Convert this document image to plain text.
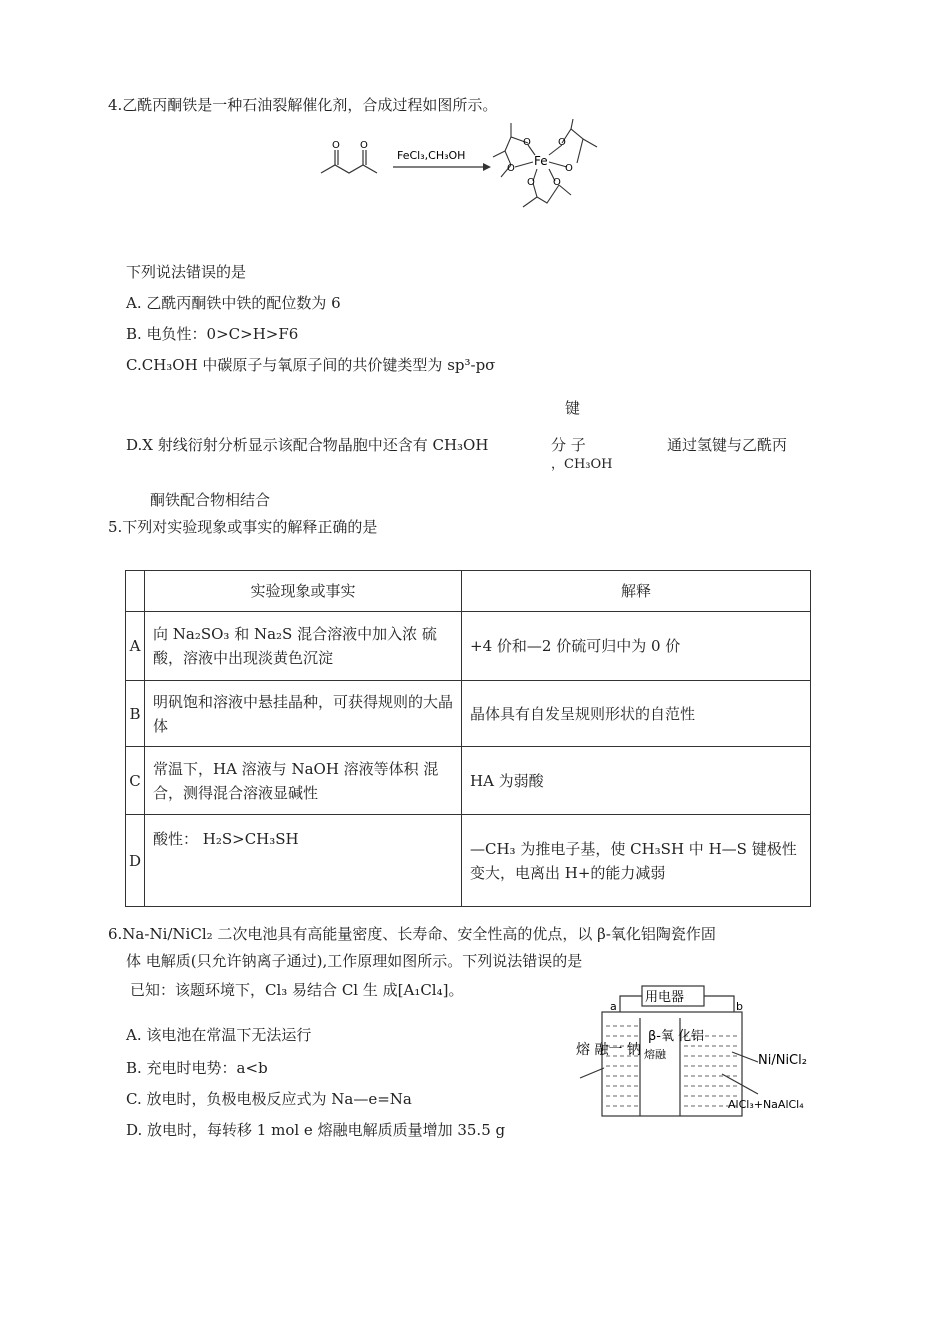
4.乙酰丙酮铁是一种石油裂解催化剂，合成过程如图所示。
O O
FeCl₃,CH₃OH	Fe
O	O
O	O
O O
下列说法错误的是
A. 乙酰丙酮铁中铁的配位数为 6
B. 电负性：0>C>H>F6
C.CH₃OH 中碳原子与氧原子间的共价键类型为 sp³-pσ
键
D.X 射线衍射分析显示该配合物晶胞中还含有 CH₃OH	分 子
，CH₃OH
通过氢键与乙酰丙
酮铁配合物相结合
5.下列对实验现象或事实的解释正确的是
	实验现象或事实	解释
A	向 Na₂SO₃ 和 Na₂S 混合溶液中加入浓 硫酸，溶液中出现淡黄色沉淀	+4 价和—2 价硫可归中为 0 价
B	明矾饱和溶液中悬挂晶种，可获得规则的大晶体	晶体具有自发呈规则形状的自范性
C	常温下，HA 溶液与 NaOH 溶液等体积 混合，测得混合溶液显碱性	HA 为弱酸
D	酸性： H₂S>CH₃SH	—CH₃ 为推电子基，使 CH₃SH 中 H—S 键极性变大，电离出 H+的能力减弱
6.Na-Ni/NiCl₂ 二次电池具有高能量密度、长寿命、安全性高的优点，以 β-氧化铝陶瓷作固
体 电解质(只允许钠离子通过),工作原理如图所示。下列说法错误的是
已知：该题环境下，Cl₃ 易结合 Cl 生 成[A₁Cl₄]。
A. 该电池在常温下无法运行
B. 充电时电势：a<b
C. 放电时，负极电极反应式为 Na—e=Na
D. 放电时，每转移 1 mol e 熔融电解质质量增加 35.5 g
用电器
a	b
β-氧 化铝
熔 融一 钠 熔融	Ni/NiCl₂
AlCl₃+NaAlCl₄
